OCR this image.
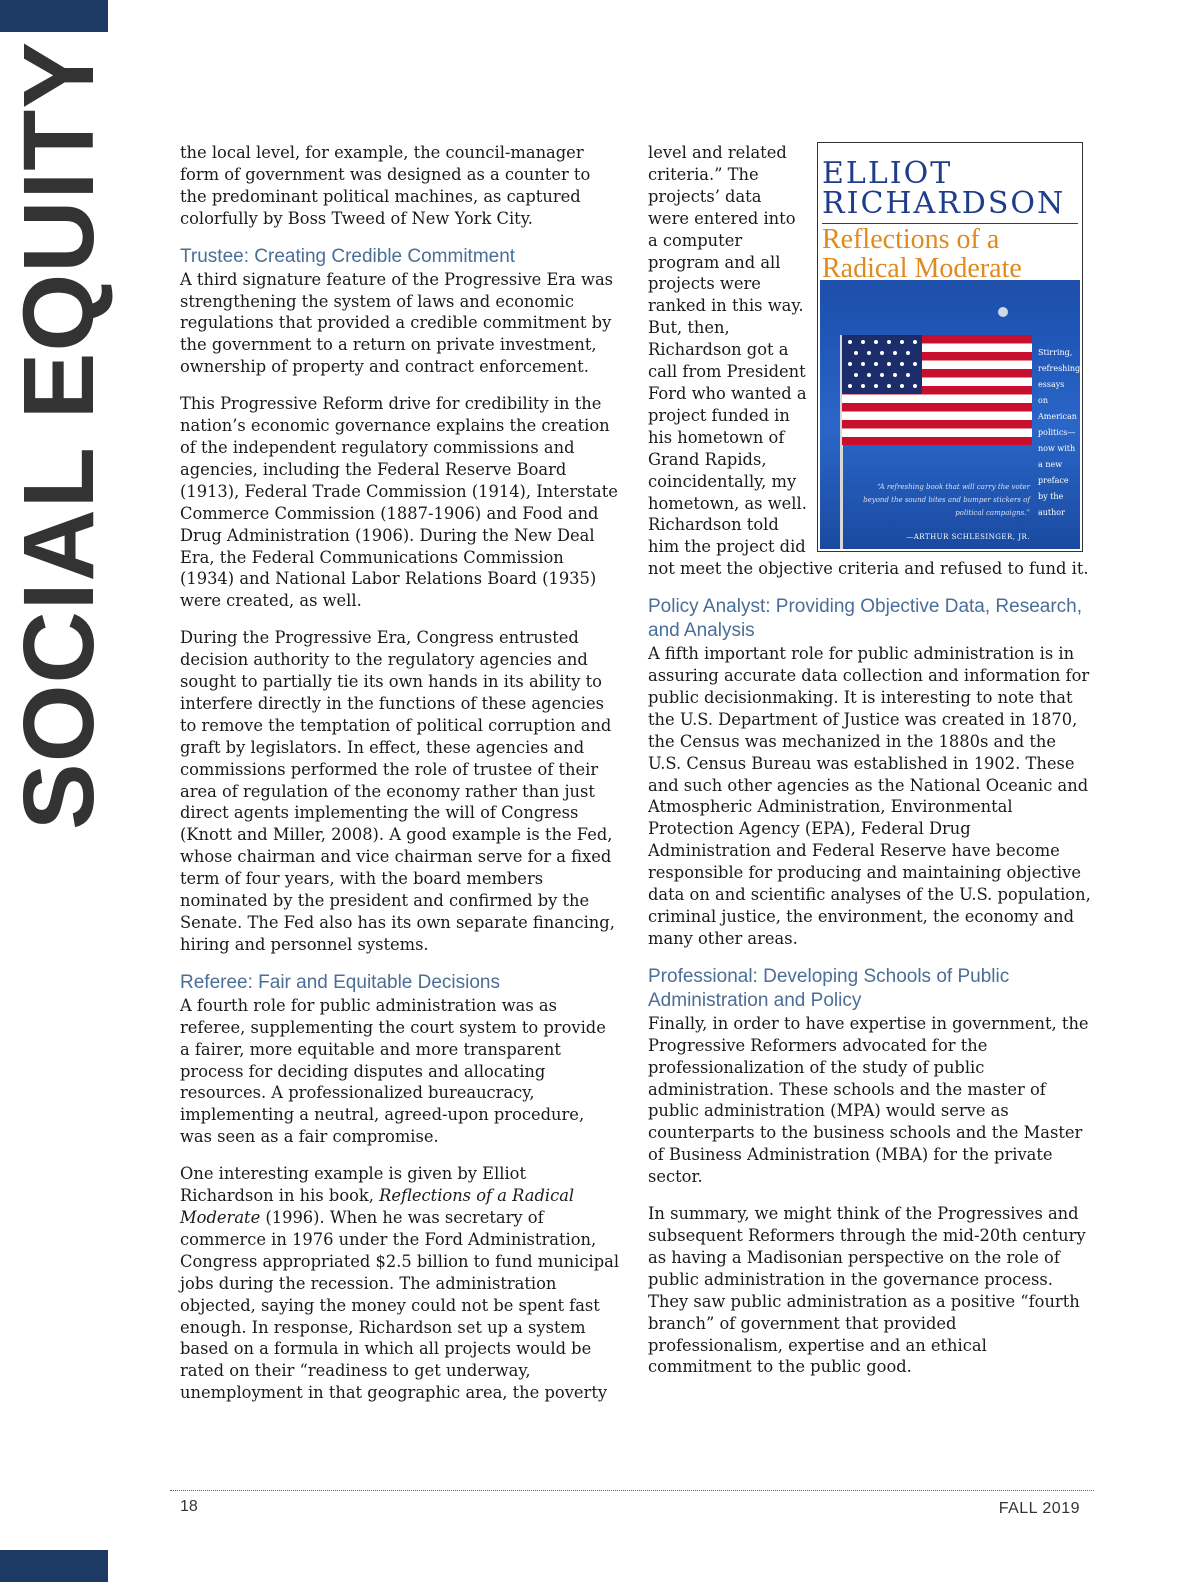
SOCIAL EQUITY	the local level, for example, the council-manager form of government was designed as a counter to the predominant political machines, as captured colorfully by Boss Tweed of New York City.

Trustee: Creating Credible Commitment

A third signature feature of the Progressive Era was strengthening the system of laws and economic regulations that provided a credible commitment by the government to a return on private investment, ownership of property and contract enforcement.

This Progressive Reform drive for credibility in the nation’s economic governance explains the creation of the independent regulatory commissions and agencies, including the Federal Reserve Board (1913), Federal Trade Commission (1914), Interstate Commerce Commission (1887-1906) and Food and Drug Administration (1906). During the New Deal Era, the Federal Communications Commission (1934) and National Labor Relations Board (1935) were created, as well.

During the Progressive Era, Congress entrusted decision authority to the regulatory agencies and sought to partially tie its own hands in its ability to interfere directly in the functions of these agencies to remove the temptation of political corruption and graft by legislators. In effect, these agencies and commissions performed the role of trustee of their area of regulation of the economy rather than just direct agents implementing the will of Congress (Knott and Miller, 2008). A good example is the Fed, whose chairman and vice chairman serve for a fixed term of four years, with the board members nominated by the president and confirmed by the Senate. The Fed also has its own separate financing, hiring and personnel systems.

Referee: Fair and Equitable Decisions

A fourth role for public administration was as referee, supplementing the court system to provide a fairer, more equitable and more transparent process for deciding disputes and allocating resources. A professionalized bureaucracy, implementing a neutral, agreed-upon procedure, was seen as a fair compromise.

One interesting example is given by Elliot Richardson in his book, Reflections of a Radical Moderate (1996). When he was secretary of commerce in 1976 under the Ford Administration, Congress appropriated $2.5 billion to fund municipal jobs during the recession. The administration objected, saying the money could not be spent fast enough. In response, Richardson set up a system based on a formula in which all projects would be rated on their “readiness to get underway, unemployment in that geographic area, the poverty

ELLIOT
RICHARDSON
Reflections of a
Radical Moderate
Stirring, refreshing essays on American politics— now with a new preface by the author
“A refreshing book that will carry the voter beyond the sound bites and bumper stickers of political campaigns.”
—ARTHUR SCHLESINGER, JR.

level and related criteria.” The projects’ data were entered into a computer program and all projects were ranked in this way. But, then, Richardson got a call from President Ford who wanted a project funded in his hometown of Grand Rapids, coincidentally, my hometown, as well. Richardson told him the project did not meet the objective criteria and refused to fund it.

Policy Analyst: Providing Objective Data, Research, and Analysis

A fifth important role for public administration is in assuring accurate data collection and information for public decisionmaking. It is interesting to note that the U.S. Department of Justice was created in 1870, the Census was mechanized in the 1880s and the U.S. Census Bureau was established in 1902. These and such other agencies as the National Oceanic and Atmospheric Administration, Environmental Protection Agency (EPA), Federal Drug Administration and Federal Reserve have become responsible for producing and maintaining objective data on and scientific analyses of the U.S. population, criminal justice, the environment, the economy and many other areas.

Professional: Developing Schools of Public Administration and Policy

Finally, in order to have expertise in government, the Progressive Reformers advocated for the professionalization of the study of public administration. These schools and the master of public administration (MPA) would serve as counterparts to the business schools and the Master of Business Administration (MBA) for the private sector.

In summary, we might think of the Progressives and subsequent Reformers through the mid-20th century as having a Madisonian perspective on the role of public administration in the governance process. They saw public administration as a positive “fourth branch” of government that provided professionalism, expertise and an ethical commitment to the public good.

18	FALL 2019
